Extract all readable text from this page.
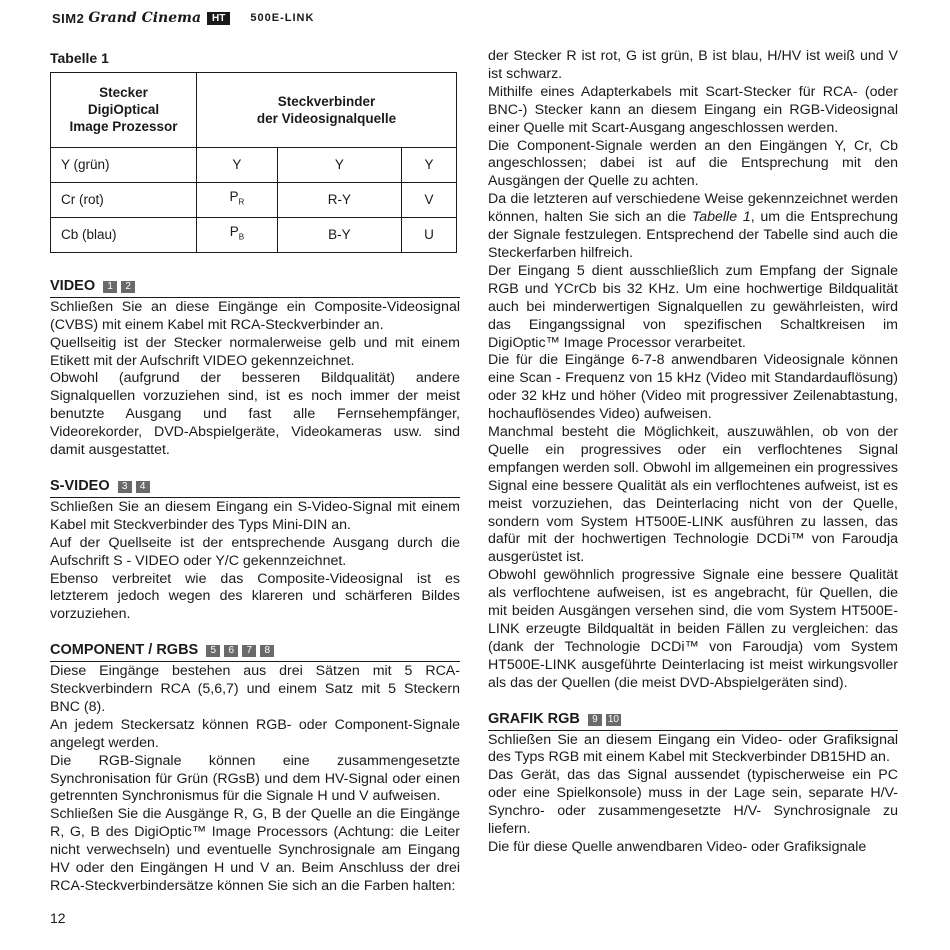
SIM2 Grand Cinema	HT	500E-LINK
Tabelle 1
Stecker
DigiOptical
Image Prozessor	Steckverbinder
der Videosignalquelle		
Y (grün)	Y	Y	Y
Cr (rot)	$P_R$	R-Y	V
Cb (blau)	$P_B$	B-Y	U
VIDEO	1	2

Schließen Sie an diese Eingänge ein Composite-Videosignal (CVBS) mit einem Kabel mit RCA-Steckverbinder an.

Quellseitig ist der Stecker normalerweise gelb und mit einem Etikett mit der Aufschrift VIDEO gekennzeichnet.

Obwohl (aufgrund der besseren Bildqualität) andere Signalquellen vorzuziehen sind, ist es noch immer der meist benutzte Ausgang und fast alle Fernsehempfänger, Videorekorder, DVD-Abspielgeräte, Videokameras usw. sind damit ausgestattet.

S-VIDEO	3	4

Schließen Sie an diesem Eingang ein S-Video-Signal mit einem Kabel mit Steckverbinder des Typs Mini-DIN an.

Auf der Quellseite ist der entsprechende Ausgang durch die Aufschrift S - VIDEO oder Y/C gekennzeichnet.

Ebenso verbreitet wie das Composite-Videosignal ist es letzterem jedoch wegen des klareren und schärferen Bildes vorzuziehen.

COMPONENT / RGBS	5	6	7	8

Diese Eingänge bestehen aus drei Sätzen mit 5 RCA-Steckverbindern RCA (5,6,7) und einem Satz mit 5 Steckern BNC (8).

An jedem Steckersatz können RGB- oder Component-Signale angelegt werden.

Die RGB-Signale können eine zusammengesetzte Synchronisation für Grün (RGsB) und dem HV-Signal oder einen getrennten Synchronismus für die Signale H und V aufweisen.

Schließen Sie die Ausgänge R, G, B der Quelle an die Eingänge R, G, B des DigiOptic™ Image Processors (Achtung: die Leiter nicht verwechseln) und eventuelle Synchrosignale am Eingang HV oder den Eingängen H und V an. Beim Anschluss der drei RCA-Steckverbindersätze können Sie sich an die Farben halten:

der Stecker R ist rot, G ist grün, B ist blau, H/HV ist weiß und V ist schwarz.

Mithilfe eines Adapterkabels mit Scart-Stecker für RCA- (oder BNC-) Stecker kann an diesem Eingang ein RGB-Videosignal einer Quelle mit Scart-Ausgang angeschlossen werden.

Die Component-Signale werden an den Eingängen Y, Cr, Cb angeschlossen; dabei ist auf die Entsprechung mit den Ausgängen der Quelle zu achten.

Da die letzteren auf verschiedene Weise gekennzeichnet werden können, halten Sie sich an die Tabelle 1, um die Entsprechung der Signale festzulegen. Entsprechend der Tabelle sind auch die Steckerfarben hilfreich.

Der Eingang 5 dient ausschließlich zum Empfang der Signale RGB und YCrCb bis 32 KHz. Um eine hochwertige Bildqualität auch bei minderwertigen Signalquellen zu gewährleisten, wird das Eingangssignal von spezifischen Schaltkreisen im DigiOptic™ Image Processor verarbeitet.

Die für die Eingänge 6-7-8 anwendbaren Videosignale können eine Scan - Frequenz von 15 kHz (Video mit Standardauflösung) oder 32 kHz und höher (Video mit progressiver Zeilenabtastung, hochauflösendes Video) aufweisen.

Manchmal besteht die Möglichkeit, auszuwählen, ob von der Quelle ein progressives oder ein verflochtenes Signal empfangen werden soll. Obwohl im allgemeinen ein progressives Signal eine bessere Qualität als ein verflochtenes aufweist, ist es meist vorzuziehen, das Deinterlacing nicht von der Quelle, sondern vom System HT500E-LINK ausführen zu lassen, das dafür mit der hochwertigen Technologie DCDi™ von Faroudja ausgerüstet ist.

Obwohl gewöhnlich progressive Signale eine bessere Qualität als verflochtene aufweisen, ist es angebracht, für Quellen, die mit beiden Ausgängen versehen sind, die vom System HT500E-LINK erzeugte Bildqualtät in beiden Fällen zu vergleichen: das (dank der Technologie DCDi™ von Faroudja) vom System HT500E-LINK ausgeführte Deinterlacing ist meist wirkungsvoller als das der Quellen (die meist DVD-Abspielgeräten sind).

GRAFIK RGB	9	10

Schließen Sie an diesem Eingang ein Video- oder Grafiksignal des Typs RGB mit einem Kabel mit Steckverbinder DB15HD an.

Das Gerät, das das Signal aussendet (typischerweise ein PC oder eine Spielkonsole) muss in der Lage sein, separate H/V-Synchro- oder zusammengesetzte H/V- Synchrosignale zu liefern.

Die für diese Quelle anwendbaren Video- oder Grafiksignale

12
